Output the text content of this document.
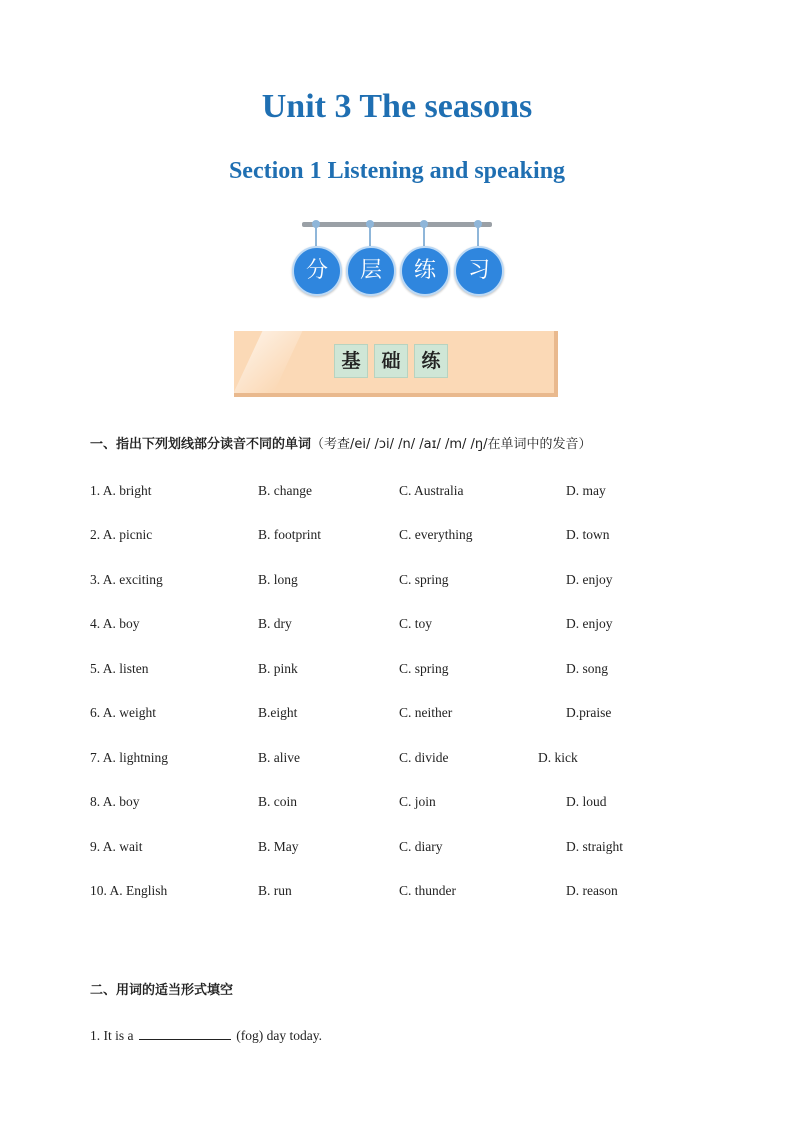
Unit 3 The seasons
Section 1 Listening and speaking
分	层	练	习
基 础 练
一、指出下列划线部分读音不同的单词（考查/ei/ /ɔi/ /n/ /aɪ/ /m/ /ŋ/在单词中的发音）
1. A. bright	B. change	C. Australia	D. may
2. A. picnic	B. footprint	C. everything	D. town
3. A. exciting	B. long	C. spring	D. enjoy
4. A. boy	B. dry	C. toy	D. enjoy
5. A. listen	B. pink	C. spring	D. song
6. A. weight	B.eight	C. neither	D.praise
7. A. lightning	B. alive	C. divide	D. kick
8. A. boy	B. coin	C. join	D. loud
9. A. wait	B. May	C. diary	D. straight
10. A. English	B. run	C. thunder	D. reason
二、用词的适当形式填空
1. It is a	(fog) day today.
